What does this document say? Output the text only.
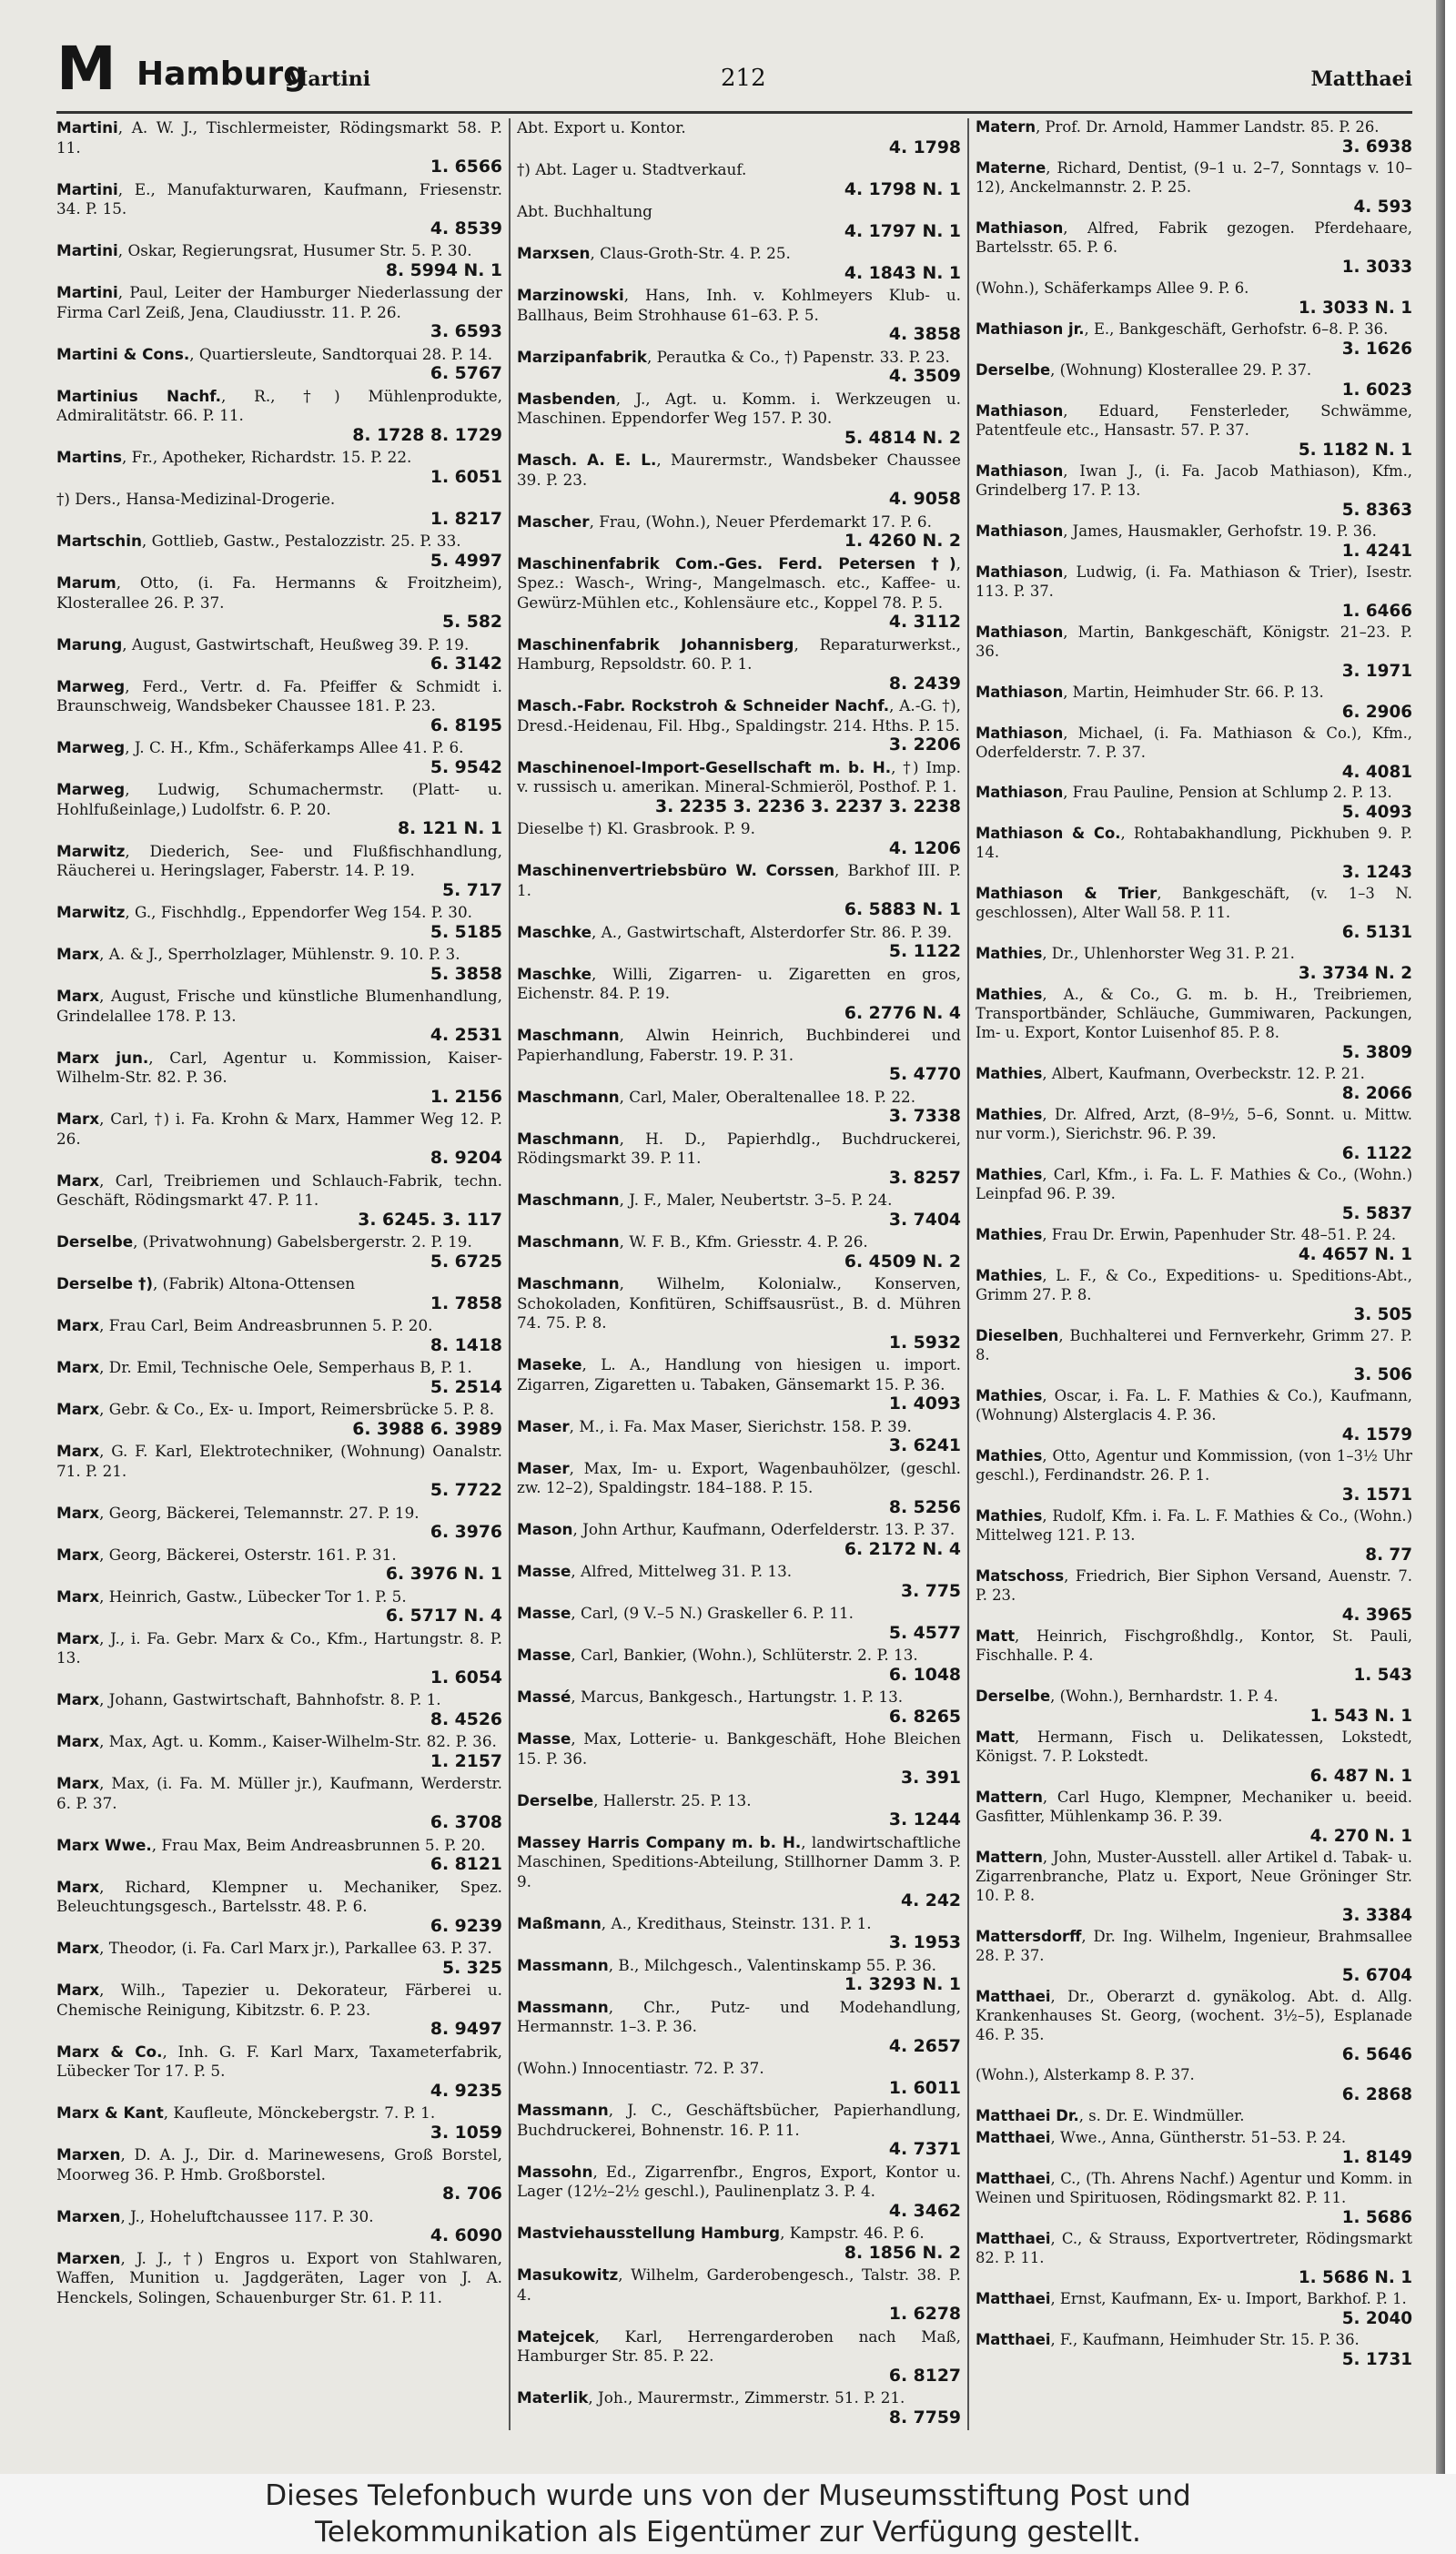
M Hamburg
Martini	212	Matthaei
Martini, A. W. J., Tischlermeister, Rödingsmarkt 58. P. 11.
1. 6566
Martini, E., Manufakturwaren, Kaufmann, Friesenstr. 34. P. 15.
4. 8539
Martini, Oskar, Regierungsrat, Husumer Str. 5. P. 30.
8. 5994 N. 1
Martini, Paul, Leiter der Hamburger Niederlassung der Firma Carl Zeiß, Jena, Claudiusstr. 11. P. 26.
3. 6593
Martini & Cons., Quartiersleute, Sandtorquai 28. P. 14.
6. 5767
Martinius Nachf., R., †) Mühlenprodukte, Admiralitätstr. 66. P. 11.
8. 1728 8. 1729
Martins, Fr., Apotheker, Richardstr. 15. P. 22.
1. 6051
†) Ders., Hansa-Medizinal-Drogerie.
1. 8217
Martschin, Gottlieb, Gastw., Pestalozzistr. 25. P. 33.
5. 4997
Marum, Otto, (i. Fa. Hermanns & Froitzheim), Klosterallee 26. P. 37.
5. 582
Marung, August, Gastwirtschaft, Heußweg 39. P. 19.
6. 3142
Marweg, Ferd., Vertr. d. Fa. Pfeiffer & Schmidt i. Braunschweig, Wandsbeker Chaussee 181. P. 23.
6. 8195
Marweg, J. C. H., Kfm., Schäferkamps Allee 41. P. 6.
5. 9542
Marweg, Ludwig, Schumachermstr. (Platt- u. Hohlfußeinlage,) Ludolfstr. 6. P. 20.
8. 121 N. 1
Marwitz, Diederich, See- und Flußfischhandlung, Räucherei u. Heringslager, Faberstr. 14. P. 19.
5. 717
Marwitz, G., Fischhdlg., Eppendorfer Weg 154. P. 30.
5. 5185
Marx, A. & J., Sperrholzlager, Mühlenstr. 9. 10. P. 3.
5. 3858
Marx, August, Frische und künstliche Blumenhandlung, Grindelallee 178. P. 13.
4. 2531
Marx jun., Carl, Agentur u. Kommission, Kaiser-Wilhelm-Str. 82. P. 36.
1. 2156
Marx, Carl, †) i. Fa. Krohn & Marx, Hammer Weg 12. P. 26.
8. 9204
Marx, Carl, Treibriemen und Schlauch-Fabrik, techn. Geschäft, Rödingsmarkt 47. P. 11.
3. 6245. 3. 117
Derselbe, (Privatwohnung) Gabelsbergerstr. 2. P. 19.
5. 6725
Derselbe †), (Fabrik) Altona-Ottensen
1. 7858
Marx, Frau Carl, Beim Andreasbrunnen 5. P. 20.
8. 1418
Marx, Dr. Emil, Technische Oele, Semperhaus B, P. 1.
5. 2514
Marx, Gebr. & Co., Ex- u. Import, Reimersbrücke 5. P. 8.
6. 3988 6. 3989
Marx, G. F. Karl, Elektrotechniker, (Wohnung) Oanalstr. 71. P. 21.
5. 7722
Marx, Georg, Bäckerei, Telemannstr. 27. P. 19.
6. 3976
Marx, Georg, Bäckerei, Osterstr. 161. P. 31.
6. 3976 N. 1
Marx, Heinrich, Gastw., Lübecker Tor 1. P. 5.
6. 5717 N. 4
Marx, J., i. Fa. Gebr. Marx & Co., Kfm., Hartungstr. 8. P. 13.
1. 6054
Marx, Johann, Gastwirtschaft, Bahnhofstr. 8. P. 1.
8. 4526
Marx, Max, Agt. u. Komm., Kaiser-Wilhelm-Str. 82. P. 36.
1. 2157
Marx, Max, (i. Fa. M. Müller jr.), Kaufmann, Werderstr. 6. P. 37.
6. 3708
Marx Wwe., Frau Max, Beim Andreasbrunnen 5. P. 20.
6. 8121
Marx, Richard, Klempner u. Mechaniker, Spez. Beleuchtungsgesch., Bartelsstr. 48. P. 6.
6. 9239
Marx, Theodor, (i. Fa. Carl Marx jr.), Parkallee 63. P. 37.
5. 325
Marx, Wilh., Tapezier u. Dekorateur, Färberei u. Chemische Reinigung, Kibitzstr. 6. P. 23.
8. 9497
Marx & Co., Inh. G. F. Karl Marx, Taxameterfabrik, Lübecker Tor 17. P. 5.
4. 9235
Marx & Kant, Kaufleute, Mönckebergstr. 7. P. 1.
3. 1059
Marxen, D. A. J., Dir. d. Marinewesens, Groß Borstel, Moorweg 36. P. Hmb. Großborstel.
8. 706
Marxen, J., Hoheluftchaussee 117. P. 30.
4. 6090
Marxen, J. J., †) Engros u. Export von Stahlwaren, Waffen, Munition u. Jagdgeräten, Lager von J. A. Henckels, Solingen, Schauenburger Str. 61. P. 11.
Abt. Export u. Kontor.
4. 1798
†) Abt. Lager u. Stadtverkauf.
4. 1798 N. 1
Abt. Buchhaltung
4. 1797 N. 1
Marxsen, Claus-Groth-Str. 4. P. 25.
4. 1843 N. 1
Marzinowski, Hans, Inh. v. Kohlmeyers Klub- u. Ballhaus, Beim Strohhause 61–63. P. 5.
4. 3858
Marzipanfabrik, Perautka & Co., †) Papenstr. 33. P. 23.
4. 3509
Masbenden, J., Agt. u. Komm. i. Werkzeugen u. Maschinen. Eppendorfer Weg 157. P. 30.
5. 4814 N. 2
Masch. A. E. L., Maurermstr., Wandsbeker Chaussee 39. P. 23.
4. 9058
Mascher, Frau, (Wohn.), Neuer Pferdemarkt 17. P. 6.
1. 4260 N. 2
Maschinenfabrik Com.-Ges. Ferd. Petersen †), Spez.: Wasch-, Wring-, Mangelmasch. etc., Kaffee- u. Gewürz-Mühlen etc., Kohlensäure etc., Koppel 78. P. 5.
4. 3112
Maschinenfabrik Johannisberg, Reparaturwerkst., Hamburg, Repsoldstr. 60. P. 1.
8. 2439
Masch.-Fabr. Rockstroh & Schneider Nachf., A.-G. †), Dresd.-Heidenau, Fil. Hbg., Spaldingstr. 214. Hths. P. 15.
3. 2206
Maschinenoel-Import-Gesellschaft m. b. H., †) Imp. v. russisch u. amerikan. Mineral-Schmieröl, Posthof. P. 1.
3. 2235 3. 2236 3. 2237 3. 2238
Dieselbe †) Kl. Grasbrook. P. 9.
4. 1206
Maschinenvertriebsbüro W. Corssen, Barkhof III. P. 1.
6. 5883 N. 1
Maschke, A., Gastwirtschaft, Alsterdorfer Str. 86. P. 39.
5. 1122
Maschke, Willi, Zigarren- u. Zigaretten en gros, Eichenstr. 84. P. 19.
6. 2776 N. 4
Maschmann, Alwin Heinrich, Buchbinderei und Papierhandlung, Faberstr. 19. P. 31.
5. 4770
Maschmann, Carl, Maler, Oberaltenallee 18. P. 22.
3. 7338
Maschmann, H. D., Papierhdlg., Buchdruckerei, Rödingsmarkt 39. P. 11.
3. 8257
Maschmann, J. F., Maler, Neubertstr. 3–5. P. 24.
3. 7404
Maschmann, W. F. B., Kfm. Griesstr. 4. P. 26.
6. 4509 N. 2
Maschmann, Wilhelm, Kolonialw., Konserven, Schokoladen, Konfitüren, Schiffsausrüst., B. d. Mühren 74. 75. P. 8.
1. 5932
Maseke, L. A., Handlung von hiesigen u. import. Zigarren, Zigaretten u. Tabaken, Gänsemarkt 15. P. 36.
1. 4093
Maser, M., i. Fa. Max Maser, Sierichstr. 158. P. 39.
3. 6241
Maser, Max, Im- u. Export, Wagenbauhölzer, (geschl. zw. 12–2), Spaldingstr. 184–188. P. 15.
8. 5256
Mason, John Arthur, Kaufmann, Oderfelderstr. 13. P. 37.
6. 2172 N. 4
Masse, Alfred, Mittelweg 31. P. 13.
3. 775
Masse, Carl, (9 V.–5 N.) Graskeller 6. P. 11.
5. 4577
Masse, Carl, Bankier, (Wohn.), Schlüterstr. 2. P. 13.
6. 1048
Massé, Marcus, Bankgesch., Hartungstr. 1. P. 13.
6. 8265
Masse, Max, Lotterie- u. Bankgeschäft, Hohe Bleichen 15. P. 36.
3. 391
Derselbe, Hallerstr. 25. P. 13.
3. 1244
Massey Harris Company m. b. H., landwirtschaftliche Maschinen, Speditions-Abteilung, Stillhorner Damm 3. P. 9.
4. 242
Maßmann, A., Kredithaus, Steinstr. 131. P. 1.
3. 1953
Massmann, B., Milchgesch., Valentinskamp 55. P. 36.
1. 3293 N. 1
Massmann, Chr., Putz- und Modehandlung, Hermannstr. 1–3. P. 36.
4. 2657
(Wohn.) Innocentiastr. 72. P. 37.
1. 6011
Massmann, J. C., Geschäftsbücher, Papierhandlung, Buchdruckerei, Bohnenstr. 16. P. 11.
4. 7371
Massohn, Ed., Zigarrenfbr., Engros, Export, Kontor u. Lager (12½–2½ geschl.), Paulinenplatz 3. P. 4.
4. 3462
Mastviehausstellung Hamburg, Kampstr. 46. P. 6.
8. 1856 N. 2
Masukowitz, Wilhelm, Garderobengesch., Talstr. 38. P. 4.
1. 6278
Matejcek, Karl, Herrengarderoben nach Maß, Hamburger Str. 85. P. 22.
6. 8127
Materlik, Joh., Maurermstr., Zimmerstr. 51. P. 21.
8. 7759
Matern, Prof. Dr. Arnold, Hammer Landstr. 85. P. 26.
3. 6938
Materne, Richard, Dentist, (9–1 u. 2–7, Sonntags v. 10–12), Anckelmannstr. 2. P. 25.
4. 593
Mathiason, Alfred, Fabrik gezogen. Pferdehaare, Bartelsstr. 65. P. 6.
1. 3033
(Wohn.), Schäferkamps Allee 9. P. 6.
1. 3033 N. 1
Mathiason jr., E., Bankgeschäft, Gerhofstr. 6–8. P. 36.
3. 1626
Derselbe, (Wohnung) Klosterallee 29. P. 37.
1. 6023
Mathiason, Eduard, Fensterleder, Schwämme, Patentfeule etc., Hansastr. 57. P. 37.
5. 1182 N. 1
Mathiason, Iwan J., (i. Fa. Jacob Mathiason), Kfm., Grindelberg 17. P. 13.
5. 8363
Mathiason, James, Hausmakler, Gerhofstr. 19. P. 36.
1. 4241
Mathiason, Ludwig, (i. Fa. Mathiason & Trier), Isestr. 113. P. 37.
1. 6466
Mathiason, Martin, Bankgeschäft, Königstr. 21–23. P. 36.
3. 1971
Mathiason, Martin, Heimhuder Str. 66. P. 13.
6. 2906
Mathiason, Michael, (i. Fa. Mathiason & Co.), Kfm., Oderfelderstr. 7. P. 37.
4. 4081
Mathiason, Frau Pauline, Pension at Schlump 2. P. 13.
5. 4093
Mathiason & Co., Rohtabakhandlung, Pickhuben 9. P. 14.
3. 1243
Mathiason & Trier, Bankgeschäft, (v. 1–3 N. geschlossen), Alter Wall 58. P. 11.
6. 5131
Mathies, Dr., Uhlenhorster Weg 31. P. 21.
3. 3734 N. 2
Mathies, A., & Co., G. m. b. H., Treibriemen, Transportbänder, Schläuche, Gummiwaren, Packungen, Im- u. Export, Kontor Luisenhof 85. P. 8.
5. 3809
Mathies, Albert, Kaufmann, Overbeckstr. 12. P. 21.
8. 2066
Mathies, Dr. Alfred, Arzt, (8–9½, 5–6, Sonnt. u. Mittw. nur vorm.), Sierichstr. 96. P. 39.
6. 1122
Mathies, Carl, Kfm., i. Fa. L. F. Mathies & Co., (Wohn.) Leinpfad 96. P. 39.
5. 5837
Mathies, Frau Dr. Erwin, Papenhuder Str. 48–51. P. 24.
4. 4657 N. 1
Mathies, L. F., & Co., Expeditions- u. Speditions-Abt., Grimm 27. P. 8.
3. 505
Dieselben, Buchhalterei und Fernverkehr, Grimm 27. P. 8.
3. 506
Mathies, Oscar, i. Fa. L. F. Mathies & Co.), Kaufmann, (Wohnung) Alsterglacis 4. P. 36.
4. 1579
Mathies, Otto, Agentur und Kommission, (von 1–3½ Uhr geschl.), Ferdinandstr. 26. P. 1.
3. 1571
Mathies, Rudolf, Kfm. i. Fa. L. F. Mathies & Co., (Wohn.) Mittelweg 121. P. 13.
8. 77
Matschoss, Friedrich, Bier Siphon Versand, Auenstr. 7. P. 23.
4. 3965
Matt, Heinrich, Fischgroßhdlg., Kontor, St. Pauli, Fischhalle. P. 4.
1. 543
Derselbe, (Wohn.), Bernhardstr. 1. P. 4.
1. 543 N. 1
Matt, Hermann, Fisch u. Delikatessen, Lokstedt, Königst. 7. P. Lokstedt.
6. 487 N. 1
Mattern, Carl Hugo, Klempner, Mechaniker u. beeid. Gasfitter, Mühlenkamp 36. P. 39.
4. 270 N. 1
Mattern, John, Muster-Ausstell. aller Artikel d. Tabak- u. Zigarrenbranche, Platz u. Export, Neue Gröninger Str. 10. P. 8.
3. 3384
Mattersdorff, Dr. Ing. Wilhelm, Ingenieur, Brahmsallee 28. P. 37.
5. 6704
Matthaei, Dr., Oberarzt d. gynäkolog. Abt. d. Allg. Krankenhauses St. Georg, (wochent. 3½–5), Esplanade 46. P. 35.
6. 5646
(Wohn.), Alsterkamp 8. P. 37.
6. 2868
Matthaei Dr., s. Dr. E. Windmüller.
Matthaei, Wwe., Anna, Güntherstr. 51–53. P. 24.
1. 8149
Matthaei, C., (Th. Ahrens Nachf.) Agentur und Komm. in Weinen und Spirituosen, Rödingsmarkt 82. P. 11.
1. 5686
Matthaei, C., & Strauss, Exportvertreter, Rödingsmarkt 82. P. 11.
1. 5686 N. 1
Matthaei, Ernst, Kaufmann, Ex- u. Import, Barkhof. P. 1.
5. 2040
Matthaei, F., Kaufmann, Heimhuder Str. 15. P. 36.
5. 1731
Dieses Telefonbuch wurde uns von der Museumsstiftung Post und
Telekommunikation als Eigentümer zur Verfügung gestellt.
